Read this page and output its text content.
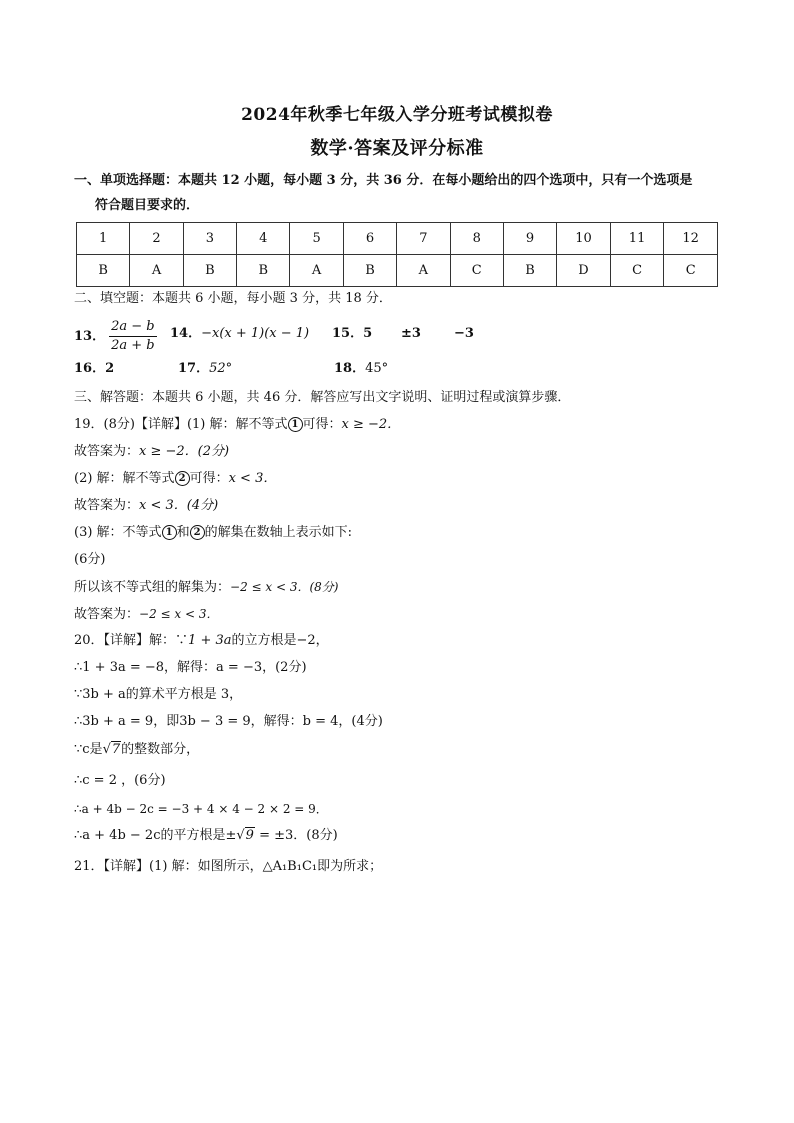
2024年秋季七年级入学分班考试模拟卷
数学·答案及评分标准
一、单项选择题：本题共 12 小题，每小题 3 分，共 36 分．在每小题给出的四个选项中，只有一个选项是
符合题目要求的．
1	2	3	4	5	6	7	8	9	10	11	12
B	A	B	B	A	B	A	C	B	D	C	C
二、填空题：本题共 6 小题，每小题 3 分，共 18 分．
13． $\frac{2a - b}{2a + b} 14$．−x(x + 1)(x − 1) 15．5 ±3	−3
16．2	17．52°	18．45°
三、解答题：本题共 6 小题，共 46 分．解答应写出文字说明、证明过程或演算步骤．
19．(8分)【详解】(1) 解：解不等式 1 可得：x ≥ −2．
故答案为：x ≥ −2．(2分)
(2) 解：解不等式 2 可得：x < 3．
故答案为：x < 3．(4分)
(3) 解：不等式 1 和 2 的解集在数轴上表示如下:
(6分)
所以该不等式组的解集为：−2 ≤ x < 3．(8分)
故答案为：−2 ≤ x < 3．
20．【详解】解：∵1 + 3a的立方根是−2，
∴1 + 3a = −8，解得：a = −3，(2分)
∵3b + a的算术平方根是 3，
∴3b + a = 9，即3b − 3 = 9，解得：b = 4，(4分)
∵c是√7的整数部分，
∴c = 2 ，(6分)
∴a + 4b − 2c = −3 + 4 × 4 − 2 × 2 = 9．
∴a + 4b − 2c的平方根是±√9 = ±3．(8分)
21．【详解】(1) 解：如图所示，△A₁B₁C₁即为所求；
